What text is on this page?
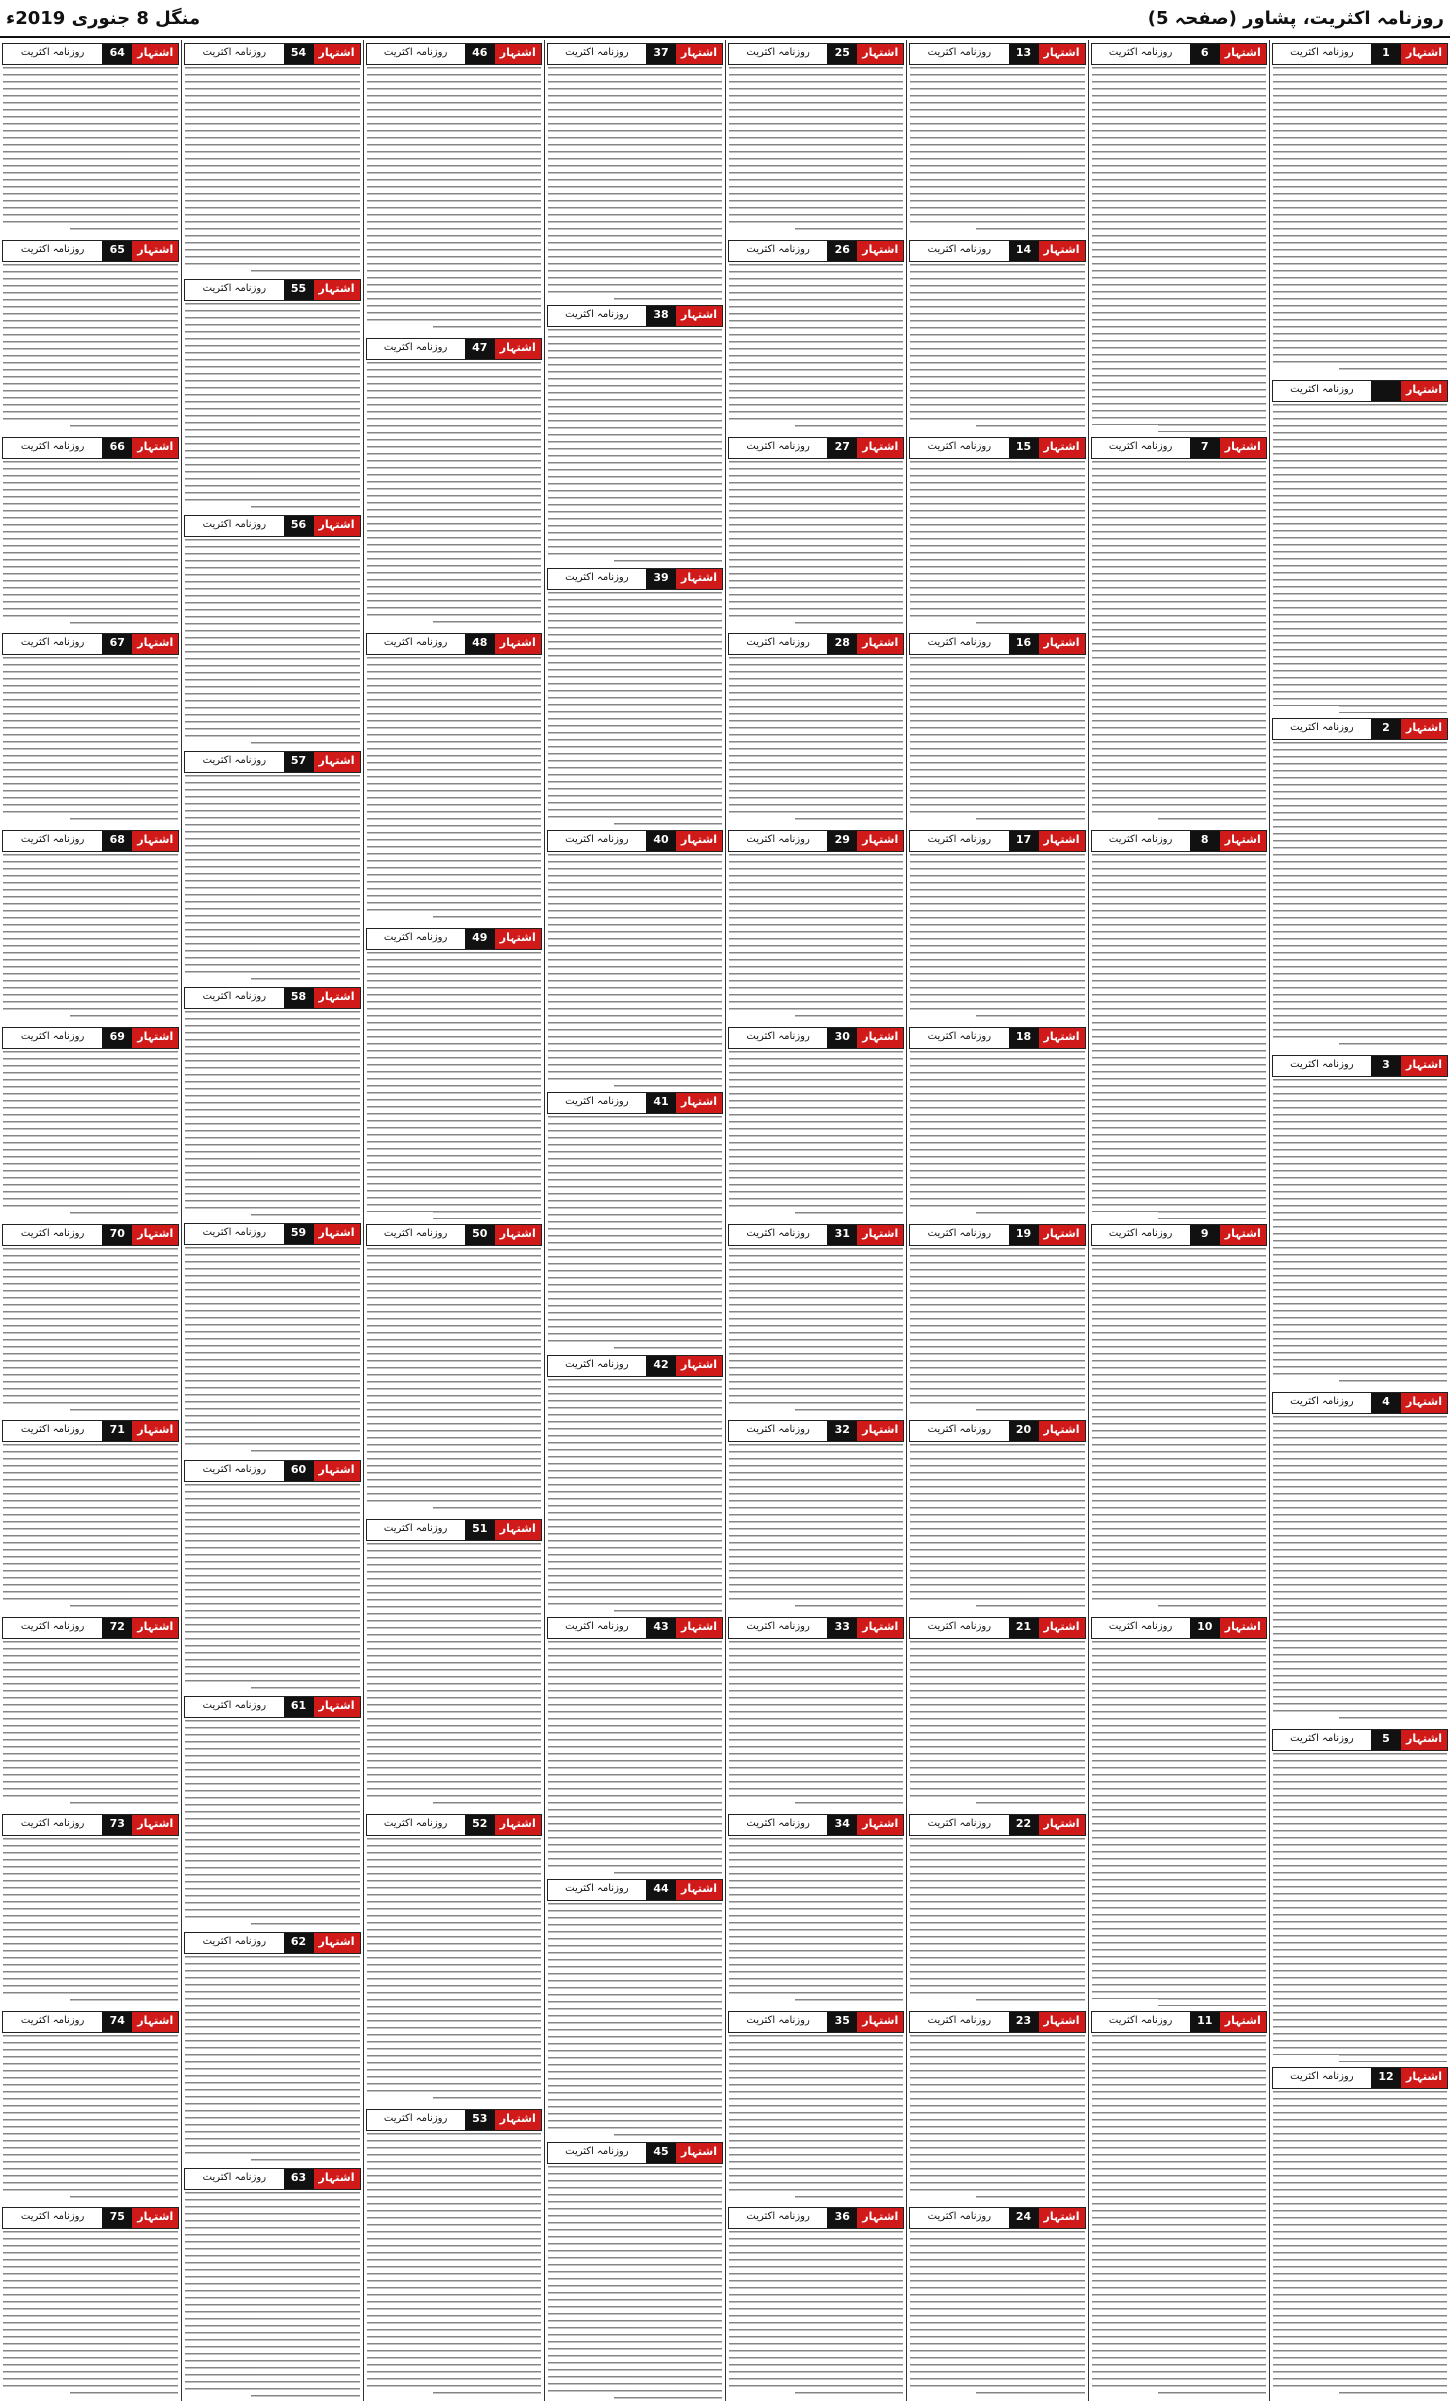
منگل 8 جنوری 2019ء	روزنامہ اکثریت، پشاور (صفحہ 5)
اشتہار
1
روزنامہ اکثریت
اشتہار
روزنامہ اکثریت
اشتہار
2
روزنامہ اکثریت
اشتہار
3
روزنامہ اکثریت
اشتہار
4
روزنامہ اکثریت
اشتہار
5
روزنامہ اکثریت
اشتہار
12
روزنامہ اکثریت
اشتہار
6
روزنامہ اکثریت
اشتہار
7
روزنامہ اکثریت
اشتہار
8
روزنامہ اکثریت
اشتہار
9
روزنامہ اکثریت
اشتہار
10
روزنامہ اکثریت
اشتہار
11
روزنامہ اکثریت
اشتہار
13
روزنامہ اکثریت
اشتہار
14
روزنامہ اکثریت
اشتہار
15
روزنامہ اکثریت
اشتہار
16
روزنامہ اکثریت
اشتہار
17
روزنامہ اکثریت
اشتہار
18
روزنامہ اکثریت
اشتہار
19
روزنامہ اکثریت
اشتہار
20
روزنامہ اکثریت
اشتہار
21
روزنامہ اکثریت
اشتہار
22
روزنامہ اکثریت
اشتہار
23
روزنامہ اکثریت
اشتہار
24
روزنامہ اکثریت
اشتہار
25
روزنامہ اکثریت
اشتہار
26
روزنامہ اکثریت
اشتہار
27
روزنامہ اکثریت
اشتہار
28
روزنامہ اکثریت
اشتہار
29
روزنامہ اکثریت
اشتہار
30
روزنامہ اکثریت
اشتہار
31
روزنامہ اکثریت
اشتہار
32
روزنامہ اکثریت
اشتہار
33
روزنامہ اکثریت
اشتہار
34
روزنامہ اکثریت
اشتہار
35
روزنامہ اکثریت
اشتہار
36
روزنامہ اکثریت
اشتہار
37
روزنامہ اکثریت
اشتہار
38
روزنامہ اکثریت
اشتہار
39
روزنامہ اکثریت
اشتہار
40
روزنامہ اکثریت
اشتہار
41
روزنامہ اکثریت
اشتہار
42
روزنامہ اکثریت
اشتہار
43
روزنامہ اکثریت
اشتہار
44
روزنامہ اکثریت
اشتہار
45
روزنامہ اکثریت
اشتہار
46
روزنامہ اکثریت
اشتہار
47
روزنامہ اکثریت
اشتہار
48
روزنامہ اکثریت
اشتہار
49
روزنامہ اکثریت
اشتہار
50
روزنامہ اکثریت
اشتہار
51
روزنامہ اکثریت
اشتہار
52
روزنامہ اکثریت
اشتہار
53
روزنامہ اکثریت
اشتہار
54
روزنامہ اکثریت
اشتہار
55
روزنامہ اکثریت
اشتہار
56
روزنامہ اکثریت
اشتہار
57
روزنامہ اکثریت
اشتہار
58
روزنامہ اکثریت
اشتہار
59
روزنامہ اکثریت
اشتہار
60
روزنامہ اکثریت
اشتہار
61
روزنامہ اکثریت
اشتہار
62
روزنامہ اکثریت
اشتہار
63
روزنامہ اکثریت
اشتہار
64
روزنامہ اکثریت
اشتہار
65
روزنامہ اکثریت
اشتہار
66
روزنامہ اکثریت
اشتہار
67
روزنامہ اکثریت
اشتہار
68
روزنامہ اکثریت
اشتہار
69
روزنامہ اکثریت
اشتہار
70
روزنامہ اکثریت
اشتہار
71
روزنامہ اکثریت
اشتہار
72
روزنامہ اکثریت
اشتہار
73
روزنامہ اکثریت
اشتہار
74
روزنامہ اکثریت
اشتہار
75
روزنامہ اکثریت
